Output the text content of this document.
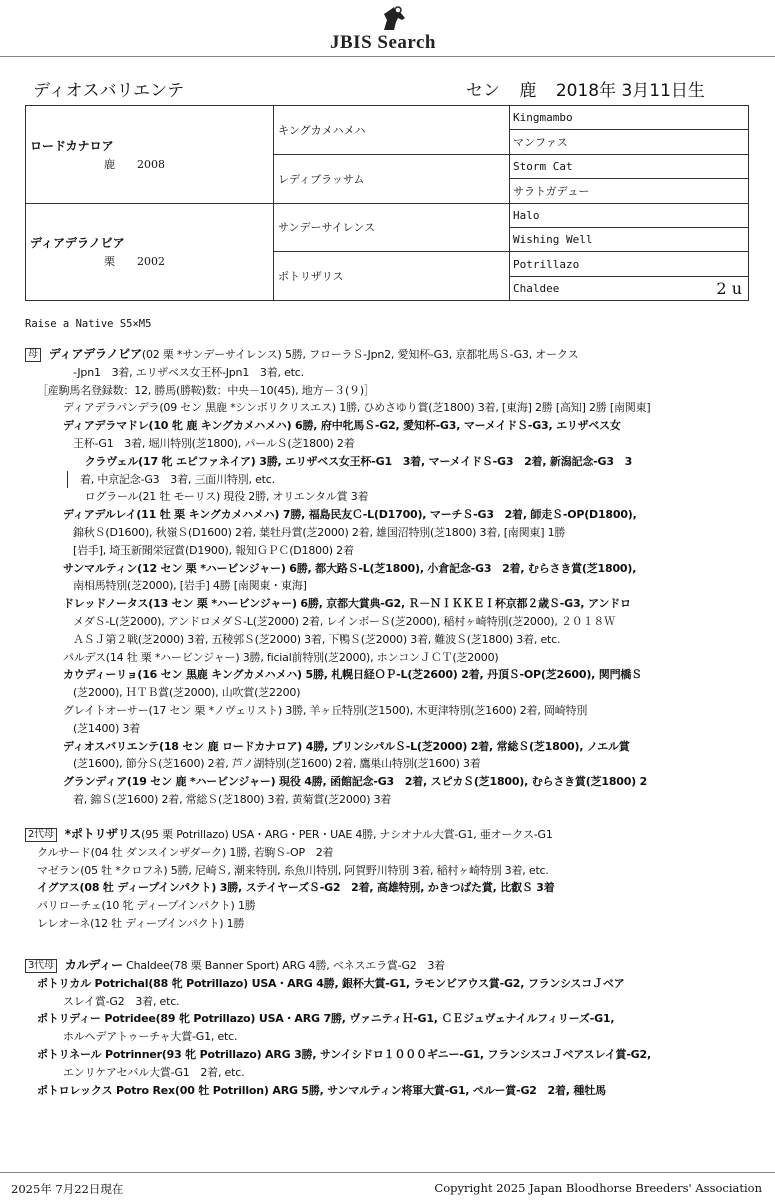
JBIS Search
ディオスバリエンテ	セン 鹿 2018年 3月11日生
ロードカナロア
鹿 2008	キングカメハメハ	Kingmambo
		マンファス
	レディブラッサム	Storm Cat
		サラトガデュー

ディアデラノビア
栗 2002	サンデーサイレンス	Halo
		Wishing Well
	ポトリザリス	Potrillazo
		Chaldee 2 u
Raise a Native S5×M5
母 ディアデラノビア(02 栗 *サンデーサイレンス) 5勝, フローラＳ-Jpn2, 愛知杯-G3, 京都牝馬Ｓ-G3, オークス
-Jpn1　3着, エリザベス女王杯-Jpn1　3着, etc.
［産駒馬名登録数：12, 勝馬(勝鞍)数：中央－10(45), 地方－３(９)］
ディアデラパンデラ(09 セン 黒鹿 *シンボリクリスエス) 1勝, ひめさゆり賞(芝1800) 3着, [東海] 2勝 [高知] 2勝 [南関東]
ディアデラマドレ(10 牝 鹿 キングカメハメハ) 6勝, 府中牝馬Ｓ-G2, 愛知杯-G3, マーメイドＳ-G3, エリザベス女
王杯-G1　3着, 堀川特別(芝1800), パールＳ(芝1800) 2着
　　クラヴェル(17 牝 エピファネイア) 3勝, エリザベス女王杯-G1　3着, マーメイドＳ-G3　2着, 新潟記念-G3　3
着, 中京記念-G3　3着, 三面川特別, etc.
　　ログラール(21 牡 モーリス) 現役 2勝, オリエンタル賞 3着
ディアデルレイ(11 牡 栗 キングカメハメハ) 7勝, 福島民友Ｃ-L(D1700), マーチＳ-G3　2着, 師走Ｓ-OP(D1800),
錦秋Ｓ(D1600), 秋嶺Ｓ(D1600) 2着, 葉牡丹賞(芝2000) 2着, 雄国沼特別(芝1800) 3着, [南関東] 1勝
[岩手], 埼玉新聞栄冠賞(D1900), 報知ＧＰＣ(D1800) 2着
サンマルティン(12 セン 栗 *ハービンジャー) 6勝, 都大路Ｓ-L(芝1800), 小倉記念-G3　2着, むらさき賞(芝1800),
南相馬特別(芝2000), [岩手] 4勝 [南関東・東海]
ドレッドノータス(13 セン 栗 *ハービンジャー) 6勝, 京都大賞典-G2, Ｒ－ＮＩＫＫＥＩ杯京都２歳Ｓ-G3, アンドロ
メダＳ-L(芝2000), アンドロメダＳ-L(芝2000) 2着, レインボーＳ(芝2000), 稲村ヶ崎特別(芝2000), ２０１８Ｗ
ＡＳＪ第２戦(芝2000) 3着, 五稜郭Ｓ(芝2000) 3着, 下鴨Ｓ(芝2000) 3着, 難波Ｓ(芝1800) 3着, etc.
パルデス(14 牡 栗 *ハービンジャー) 3勝, ficial前特別(芝2000), ホンコンＪＣＴ(芝2000)
カウディーリョ(16 セン 黒鹿 キングカメハメハ) 5勝, 札幌日経ＯＰ-L(芝2600) 2着, 丹頂Ｓ-OP(芝2600), 関門橋Ｓ
(芝2000), ＨＴＢ賞(芝2000), 山吹賞(芝2200)
グレイトオーサー(17 セン 栗 *ノヴェリスト) 3勝, 羊ヶ丘特別(芝1500), 木更津特別(芝1600) 2着, 岡崎特別
(芝1400) 3着
ディオスバリエンテ(18 セン 鹿 ロードカナロア) 4勝, ブリンシパルＳ-L(芝2000) 2着, 常総Ｓ(芝1800), ノエル賞
(芝1600), 節分Ｓ(芝1600) 2着, 芦ノ湖特別(芝1600) 2着, 鷹巣山特別(芝1600) 3着
グランディア(19 セン 鹿 *ハービンジャー) 現役 4勝, 函館記念-G3　2着, スピカＳ(芝1800), むらさき賞(芝1800) 2
着, 錦Ｓ(芝1600) 2着, 常総Ｓ(芝1800) 3着, 黄菊賞(芝2000) 3着
2代母 *ポトリザリス(95 栗 Potrillazo) USA・ARG・PER・UAE 4勝, ナシオナル大賞-G1, 亜オークス-G1
クルサード(04 牡 ダンスインザダーク) 1勝, 若駒Ｓ-OP　2着
マゼラン(05 牡 *クロフネ) 5勝, 尼崎Ｓ, 潮来特別, 糸魚川特別, 阿賀野川特別 3着, 稲村ヶ崎特別 3着, etc.
イグアス(08 牡 ディープインパクト) 3勝, ステイヤーズＳ-G2　2着, 高雄特別, かきつばた賞, 比叡Ｓ 3着
パリローチェ(10 牝 ディープインパクト) 1勝
レレオーネ(12 牡 ディープインパクト) 1勝
3代母 カルディー Chaldee(78 栗 Banner Sport) ARG 4勝, ベネスエラ賞-G2　3着
ポトリカル Potrichal(88 牝 Potrillazo) USA・ARG 4勝, 銀杯大賞-G1, ラモンビアウス賞-G2, フランシスコＪベア
スレイ賞-G2　3着, etc.
ポトリディー Potridee(89 牝 Potrillazo) USA・ARG 7勝, ヴァニティＨ-G1, ＣＥジュヴェナイルフィリーズ-G1,
ホルヘデアトゥーチャ大賞-G1, etc.
ポトリネール Potrinner(93 牝 Potrillazo) ARG 3勝, サンイシドロ１０００ギニー-G1, フランシスコＪベアスレイ賞-G2,
エンリケアセバル大賞-G1　2着, etc.
ポトロレックス Potro Rex(00 牡 Potrillon) ARG 5勝, サンマルティン将軍大賞-G1, ペルー賞-G2　2着, 種牡馬
2025年 7月22日現在	Copyright 2025 Japan Bloodhorse Breeders' Association
